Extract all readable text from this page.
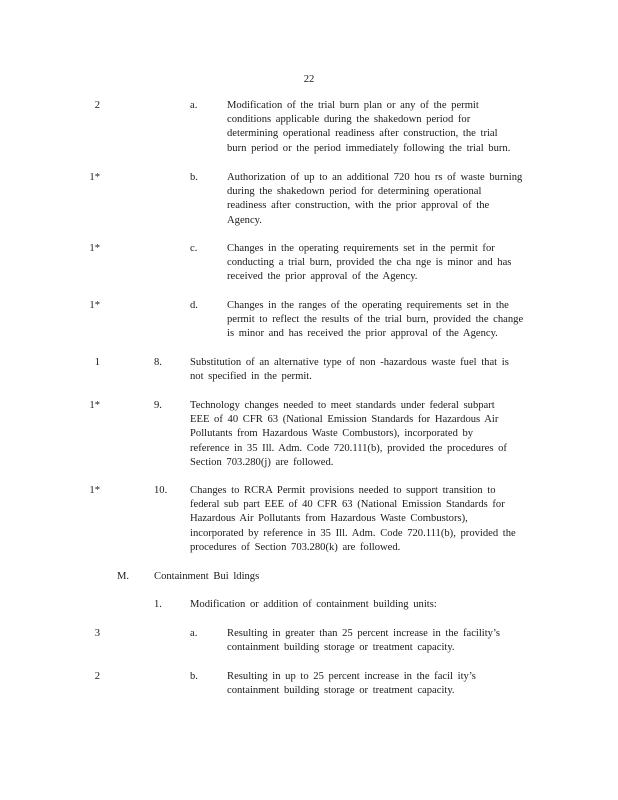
22
2	a.	Modification of the trial burn plan or any of the permit
conditions applicable during the shakedown period for
determining operational readiness after construction, the trial
burn period or the period immediately following the trial burn.
1*	b.	Authorization of up to an additional 720 hou rs of waste burning
during the shakedown period for determining operational
readiness after construction, with the prior approval of the
Agency.
1*	c.	Changes in the operating requirements set in the permit for
conducting a trial burn, provided the cha nge is minor and has
received the prior approval of the Agency.
1*	d.	Changes in the ranges of the operating requirements set in the
permit to reflect the results of the trial burn, provided the change
is minor and has received the prior approval of the Agency.
1	8.	Substitution of an alternative type of non -hazardous waste fuel that is
not specified in the permit.
1*	9.	Technology changes needed to meet standards under federal subpart
EEE of 40 CFR 63 (National Emission Standards for Hazardous Air
Pollutants from Hazardous Waste Combustors), incorporated by
reference in 35 Ill. Adm. Code 720.111(b), provided the procedures of
Section 703.280(j) are followed.
1*	10. Changes to RCRA Permit provisions needed to support transition to
federal sub part EEE of 40 CFR 63 (National Emission Standards for
Hazardous Air Pollutants from Hazardous Waste Combustors),
incorporated by reference in 35 Ill. Adm. Code 720.111(b), provided the
procedures of Section 703.280(k) are followed.
M. Containment Bui ldings
1.	Modification or addition of containment building units:
3	a.	Resulting in greater than 25 percent increase in the facility’s
containment building storage or treatment capacity.
2	b.	Resulting in up to 25 percent increase in the facil ity’s
containment building storage or treatment capacity.
